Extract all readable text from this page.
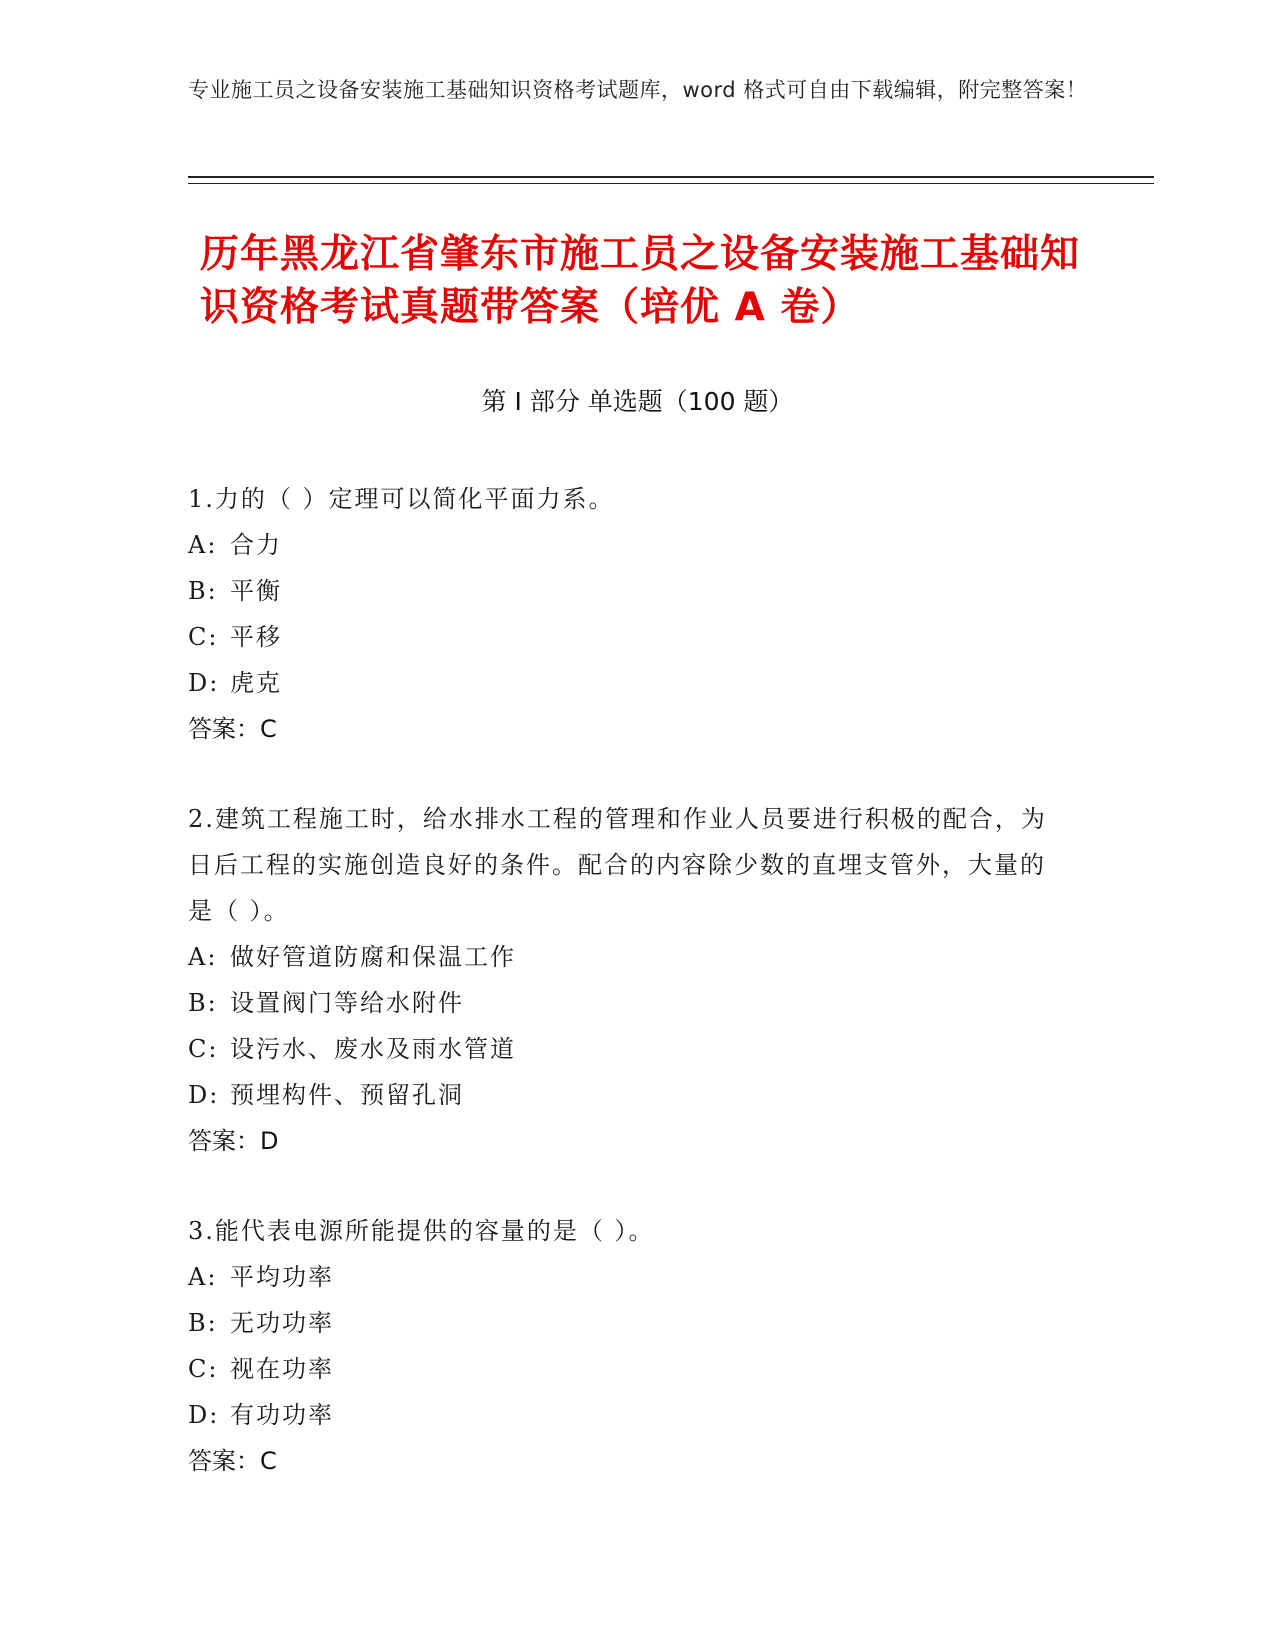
专业施工员之设备安装施工基础知识资格考试题库，word 格式可自由下载编辑，附完整答案！
历年黑龙江省肇东市施工员之设备安装施工基础知识资格考试真题带答案（培优 A 卷）
第 I 部分 单选题（100 题）
1.力的（ ）定理可以简化平面力系。
A: 合力
B: 平衡
C: 平移
D: 虎克
答案：C
2.建筑工程施工时，给水排水工程的管理和作业人员要进行积极的配合，为日后工程的实施创造良好的条件。配合的内容除少数的直埋支管外，大量的是（ ）。
A: 做好管道防腐和保温工作
B: 设置阀门等给水附件
C: 设污水、废水及雨水管道
D: 预埋构件、预留孔洞
答案：D
3.能代表电源所能提供的容量的是（ ）。
A: 平均功率
B: 无功功率
C: 视在功率
D: 有功功率
答案：C
